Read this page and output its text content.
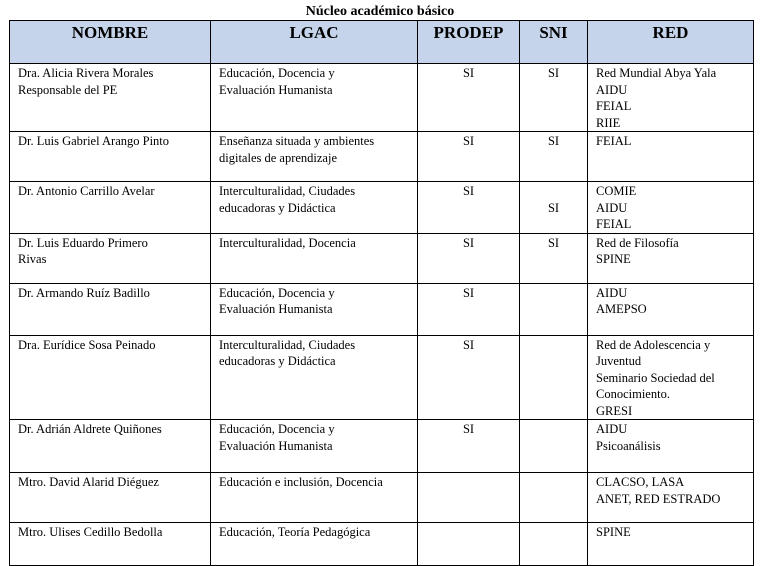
Núcleo académico básico
NOMBRE	LGAC	PRODEP	SNI	RED

Dra. Alicia Rivera Morales
Responsable del PE	Educación, Docencia y
Evaluación Humanista	SI	SI	Red Mundial Abya Yala
AIDU
FEIAL
RIIE

Dr. Luis Gabriel Arango Pinto	Enseñanza situada y ambientes
digitales de aprendizaje	SI	SI	FEIAL

Dr. Antonio Carrillo Avelar	Interculturalidad, Ciudades
educadoras y Didáctica	SI	SI	COMIE
AIDU
FEIAL

Dr. Luis Eduardo Primero
Rivas	Interculturalidad, Docencia	SI	SI	Red de Filosofía
SPINE

Dr. Armando Ruíz Badillo	Educación, Docencia y
Evaluación Humanista	SI		AIDU
AMEPSO

Dra. Eurídice Sosa Peinado	Interculturalidad, Ciudades
educadoras y Didáctica	SI		Red de Adolescencia y
Juventud
Seminario Sociedad del
Conocimiento.
GRESI

Dr. Adrián Aldrete Quiñones	Educación, Docencia y
Evaluación Humanista	SI		AIDU
Psicoanálisis

Mtro. David Alarid Diéguez	Educación e inclusión, Docencia			CLACSO, LASA
ANET, RED ESTRADO

Mtro. Ulises Cedillo Bedolla	Educación, Teoría Pedagógica			SPINE
